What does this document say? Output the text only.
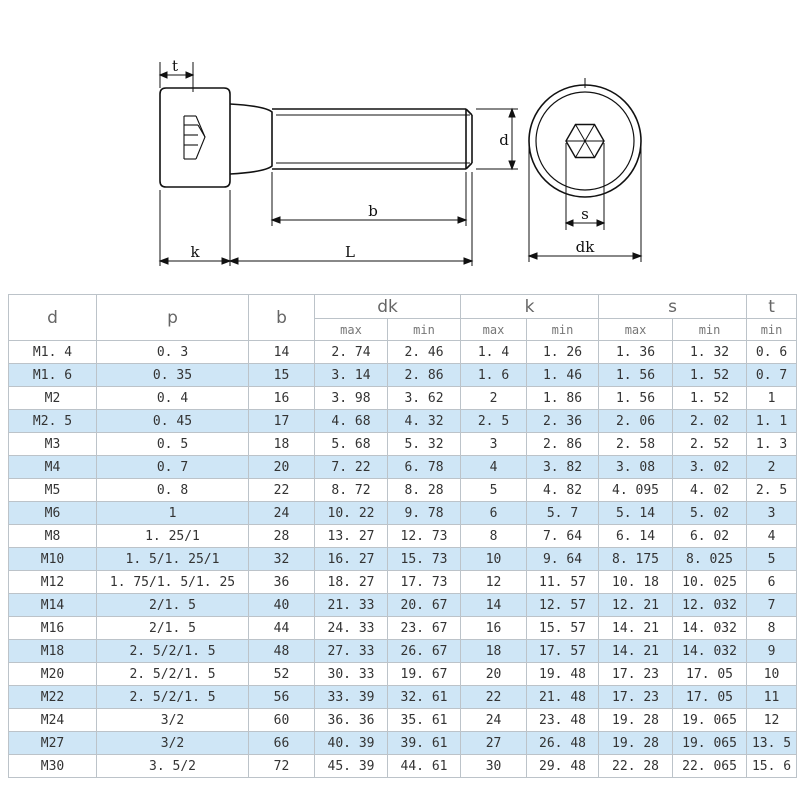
t
b
k	L
d
s
dk
d	p	b	dk		k		s		t
			max	min	max	min	max	min	min
M1. 4	0. 3	14	2. 74	2. 46	1. 4	1. 26	1. 36	1. 32	0. 6
M1. 6	0. 35	15	3. 14	2. 86	1. 6	1. 46	1. 56	1. 52	0. 7
M2	0. 4	16	3. 98	3. 62	2	1. 86	1. 56	1. 52	1
M2. 5	0. 45	17	4. 68	4. 32	2. 5	2. 36	2. 06	2. 02	1. 1
M3	0. 5	18	5. 68	5. 32	3	2. 86	2. 58	2. 52	1. 3
M4	0. 7	20	7. 22	6. 78	4	3. 82	3. 08	3. 02	2
M5	0. 8	22	8. 72	8. 28	5	4. 82	4. 095	4. 02	2. 5
M6	1	24	10. 22	9. 78	6	5. 7	5. 14	5. 02	3
M8	1. 25/1	28	13. 27	12. 73	8	7. 64	6. 14	6. 02	4
M10	1. 5/1. 25/1	32	16. 27	15. 73	10	9. 64	8. 175	8. 025	5
M12	1. 75/1. 5/1. 25	36	18. 27	17. 73	12	11. 57	10. 18	10. 025	6
M14	2/1. 5	40	21. 33	20. 67	14	12. 57	12. 21	12. 032	7
M16	2/1. 5	44	24. 33	23. 67	16	15. 57	14. 21	14. 032	8
M18	2. 5/2/1. 5	48	27. 33	26. 67	18	17. 57	14. 21	14. 032	9
M20	2. 5/2/1. 5	52	30. 33	19. 67	20	19. 48	17. 23	17. 05	10
M22	2. 5/2/1. 5	56	33. 39	32. 61	22	21. 48	17. 23	17. 05	11
M24	3/2	60	36. 36	35. 61	24	23. 48	19. 28	19. 065	12
M27	3/2	66	40. 39	39. 61	27	26. 48	19. 28	19. 065	13. 5
M30	3. 5/2	72	45. 39	44. 61	30	29. 48	22. 28	22. 065	15. 6
